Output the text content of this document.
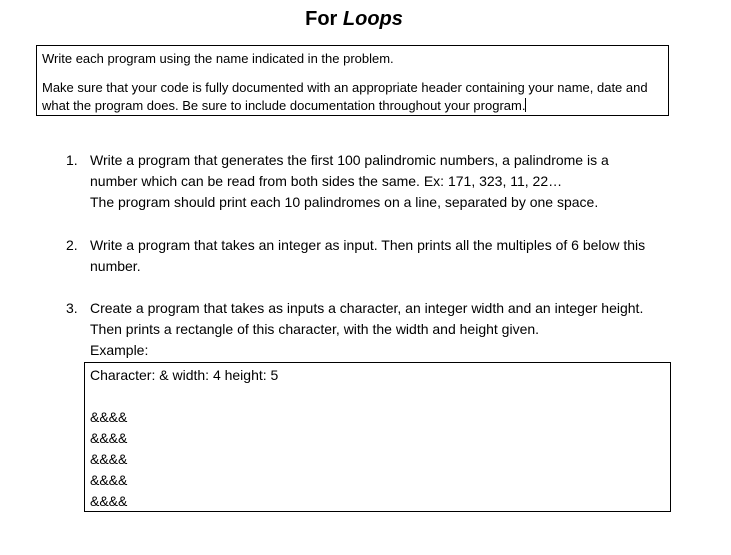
For Loops

Write each program using the name indicated in the problem.

Make sure that your code is fully documented with an appropriate header containing your name, date and what the program does. Be sure to include documentation throughout your program.

1. Write a program that generates the first 100 palindromic numbers, a palindrome is a number which can be read from both sides the same. Ex: 171, 323, 11, 22…
The program should print each 10 palindromes on a line, separated by one space.
2. Write a program that takes an integer as input. Then prints all the multiples of 6 below this number.
3. Create a program that takes as inputs a character, an integer width and an integer height. Then prints a rectangle of this character, with the width and height given.
Example:
Character: & width: 4 height: 5
&&&&
&&&&
&&&&
&&&&
&&&&
